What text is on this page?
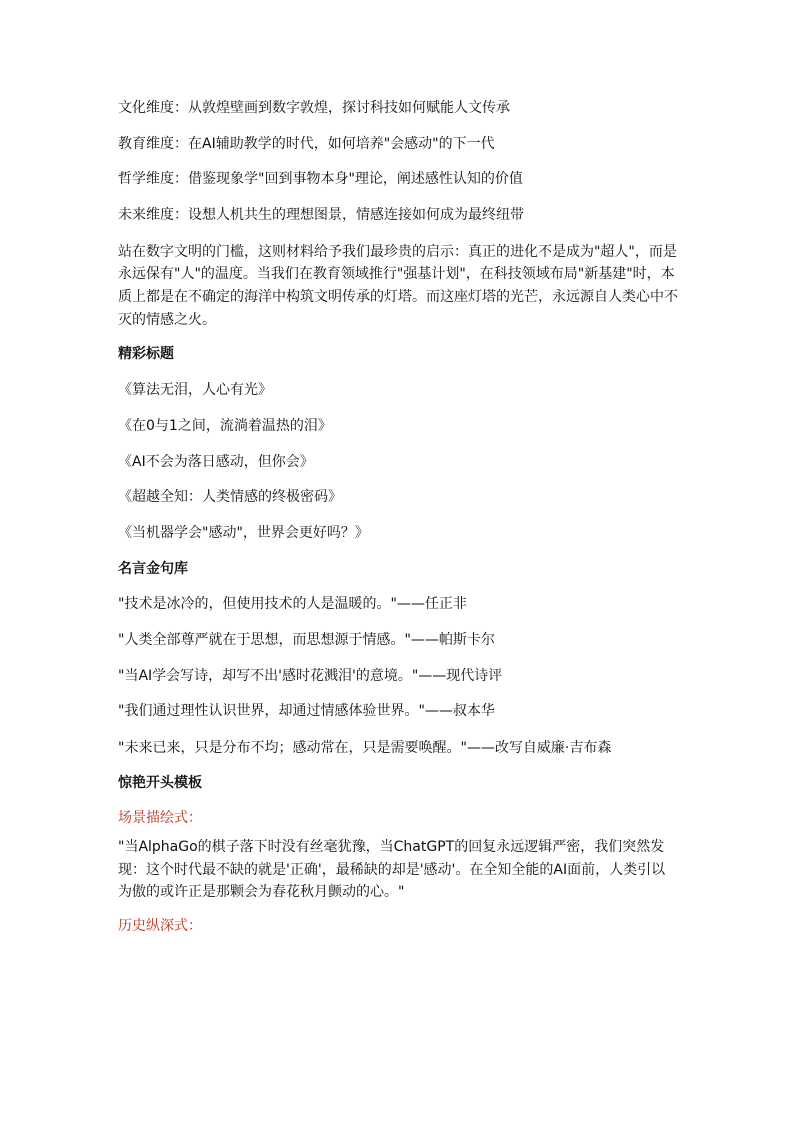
文化维度：从敦煌壁画到数字敦煌，探讨科技如何赋能人文传承

教育维度：在AI辅助教学的时代，如何培养"会感动"的下一代

哲学维度：借鉴现象学"回到事物本身"理论，阐述感性认知的价值

未来维度：设想人机共生的理想图景，情感连接如何成为最终纽带

站在数字文明的门槛，这则材料给予我们最珍贵的启示：真正的进化不是成为"超人"，而是永远保有"人"的温度。当我们在教育领域推行"强基计划"，在科技领域布局"新基建"时，本质上都是在不确定的海洋中构筑文明传承的灯塔。而这座灯塔的光芒，永远源自人类心中不灭的情感之火。

精彩标题

《算法无泪，人心有光》

《在0与1之间，流淌着温热的泪》

《AI不会为落日感动，但你会》

《超越全知：人类情感的终极密码》

《当机器学会"感动"，世界会更好吗？》

名言金句库

"技术是冰冷的，但使用技术的人是温暖的。"——任正非

"人类全部尊严就在于思想，而思想源于情感。"——帕斯卡尔

"当AI学会写诗，却写不出'感时花溅泪'的意境。"——现代诗评

"我们通过理性认识世界，却通过情感体验世界。"——叔本华

"未来已来，只是分布不均；感动常在，只是需要唤醒。"——改写自威廉·吉布森

惊艳开头模板

场景描绘式：

"当AlphaGo的棋子落下时没有丝毫犹豫，当ChatGPT的回复永远逻辑严密，我们突然发现：这个时代最不缺的就是'正确'，最稀缺的却是'感动'。在全知全能的AI面前，人类引以为傲的或许正是那颗会为春花秋月颤动的心。"

历史纵深式：
